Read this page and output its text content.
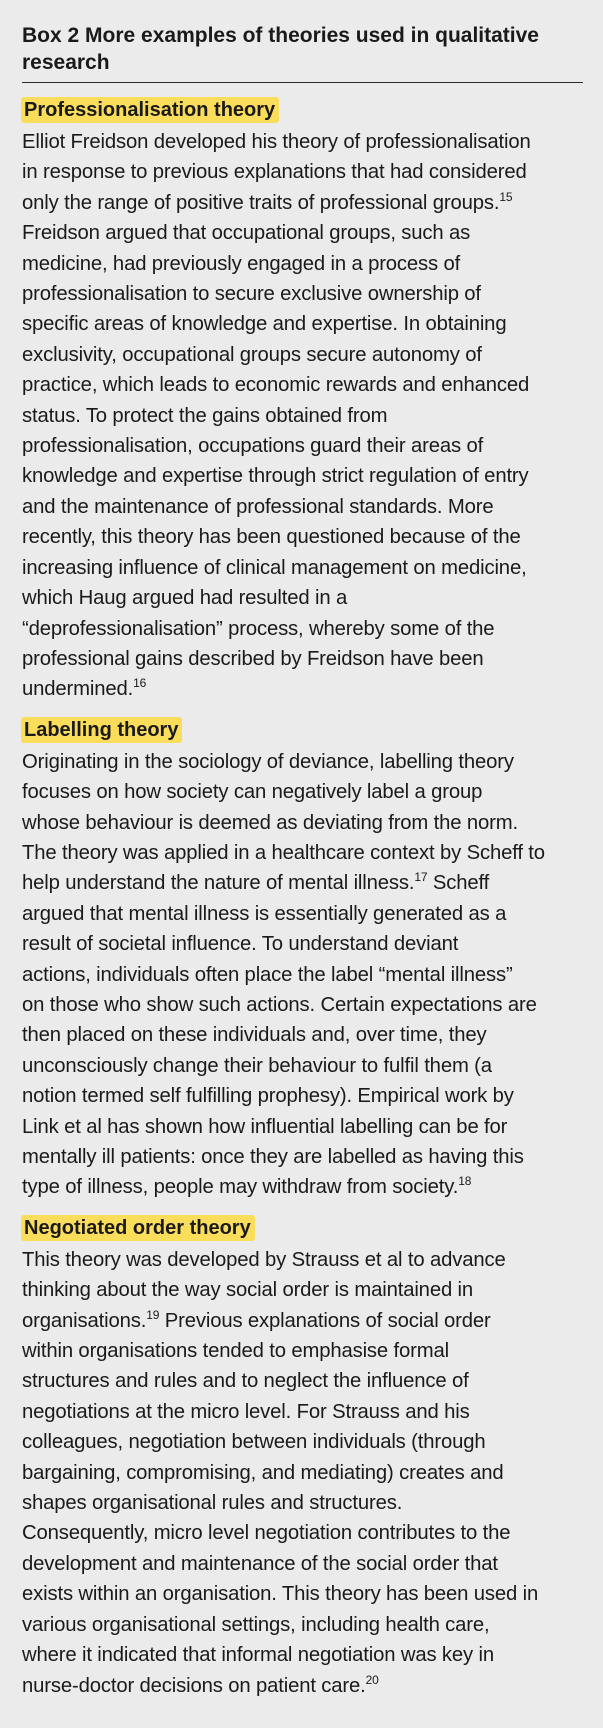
Box 2 More examples of theories used in qualitative
research
Professionalisation theory
Elliot Freidson developed his theory of professionalisation
in response to previous explanations that had considered
only the range of positive traits of professional groups.$^{15}$
Freidson argued that occupational groups, such as
medicine, had previously engaged in a process of
professionalisation to secure exclusive ownership of
specific areas of knowledge and expertise. In obtaining
exclusivity, occupational groups secure autonomy of
practice, which leads to economic rewards and enhanced
status. To protect the gains obtained from
professionalisation, occupations guard their areas of
knowledge and expertise through strict regulation of entry
and the maintenance of professional standards. More
recently, this theory has been questioned because of the
increasing influence of clinical management on medicine,
which Haug argued had resulted in a
“deprofessionalisation” process, whereby some of the
professional gains described by Freidson have been
undermined.$^{16}$
Labelling theory
Originating in the sociology of deviance, labelling theory
focuses on how society can negatively label a group
whose behaviour is deemed as deviating from the norm.
The theory was applied in a healthcare context by Scheff to
help understand the nature of mental illness.$^{17}$ Scheff
argued that mental illness is essentially generated as a
result of societal influence. To understand deviant
actions, individuals often place the label “mental illness”
on those who show such actions. Certain expectations are
then placed on these individuals and, over time, they
unconsciously change their behaviour to fulfil them (a
notion termed self fulfilling prophesy). Empirical work by
Link et al has shown how influential labelling can be for
mentally ill patients: once they are labelled as having this
type of illness, people may withdraw from society.$^{18}$
Negotiated order theory
This theory was developed by Strauss et al to advance
thinking about the way social order is maintained in
organisations.$^{19}$ Previous explanations of social order
within organisations tended to emphasise formal
structures and rules and to neglect the influence of
negotiations at the micro level. For Strauss and his
colleagues, negotiation between individuals (through
bargaining, compromising, and mediating) creates and
shapes organisational rules and structures.
Consequently, micro level negotiation contributes to the
development and maintenance of the social order that
exists within an organisation. This theory has been used in
various organisational settings, including health care,
where it indicated that informal negotiation was key in
nurse-doctor decisions on patient care.$^{20}$
